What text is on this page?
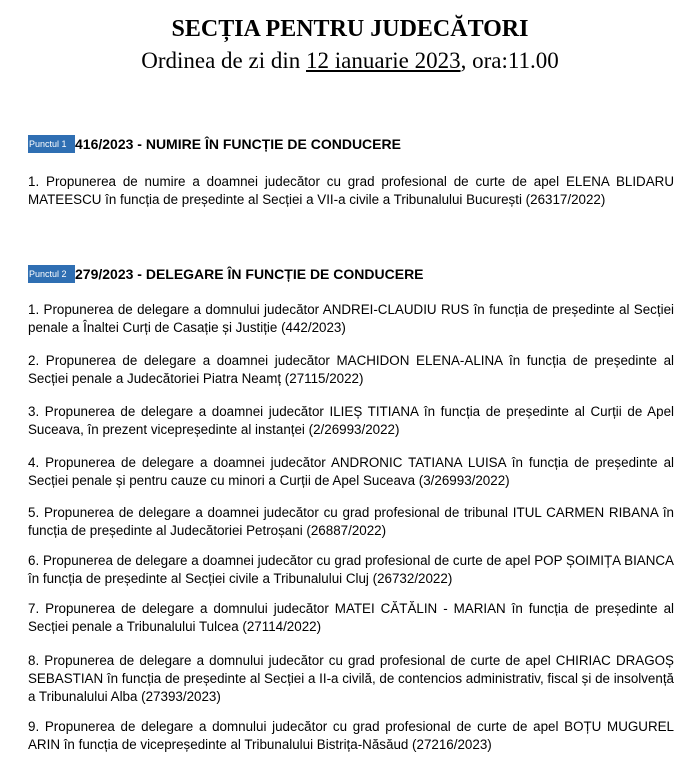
SECȚIA PENTRU JUDECĂTORI
Ordinea de zi din 12 ianuarie 2023, ora:11.00
Punctul 1 416/2023 - NUMIRE ÎN FUNCȚIE DE CONDUCERE
1. Propunerea de numire a doamnei judecător cu grad profesional de curte de apel ELENA BLIDARU MATEESCU în funcția de președinte al Secției a VII-a civile a Tribunalului București (26317/2022)
Punctul 2 279/2023 - DELEGARE ÎN FUNCȚIE DE CONDUCERE
1. Propunerea de delegare a domnului judecător ANDREI-CLAUDIU RUS în funcția de președinte al Secției penale a Înaltei Curți de Casație și Justiție (442/2023)
2. Propunerea de delegare a doamnei judecător MACHIDON ELENA-ALINA în funcția de președinte al Secției penale a Judecătoriei Piatra Neamț (27115/2022)
3. Propunerea de delegare a doamnei judecător ILIEȘ TITIANA în funcția de președinte al Curții de Apel Suceava, în prezent vicepreședinte al instanței (2/26993/2022)
4. Propunerea de delegare a doamnei judecător ANDRONIC TATIANA LUISA în funcția de președinte al Secției penale și pentru cauze cu minori a Curții de Apel Suceava (3/26993/2022)
5. Propunerea de delegare a doamnei judecător cu grad profesional de tribunal ITUL CARMEN RIBANA în funcția de președinte al Judecătoriei Petroșani (26887/2022)
6. Propunerea de delegare a doamnei judecător cu grad profesional de curte de apel POP ȘOIMIȚA BIANCA în funcția de președinte al Secției civile a Tribunalului Cluj (26732/2022)
7. Propunerea de delegare a domnului judecător MATEI CĂTĂLIN - MARIAN în funcția de președinte al Secției penale a Tribunalului Tulcea (27114/2022)
8. Propunerea de delegare a domnului judecător cu grad profesional de curte de apel CHIRIAC DRAGOȘ SEBASTIAN în funcția de președinte al Secției a II-a civilă, de contencios administrativ, fiscal și de insolvență a Tribunalului Alba (27393/2023)
9. Propunerea de delegare a domnului judecător cu grad profesional de curte de apel BOȚU MUGUREL ARIN în funcția de vicepreședinte al Tribunalului Bistrița-Năsăud (27216/2023)
